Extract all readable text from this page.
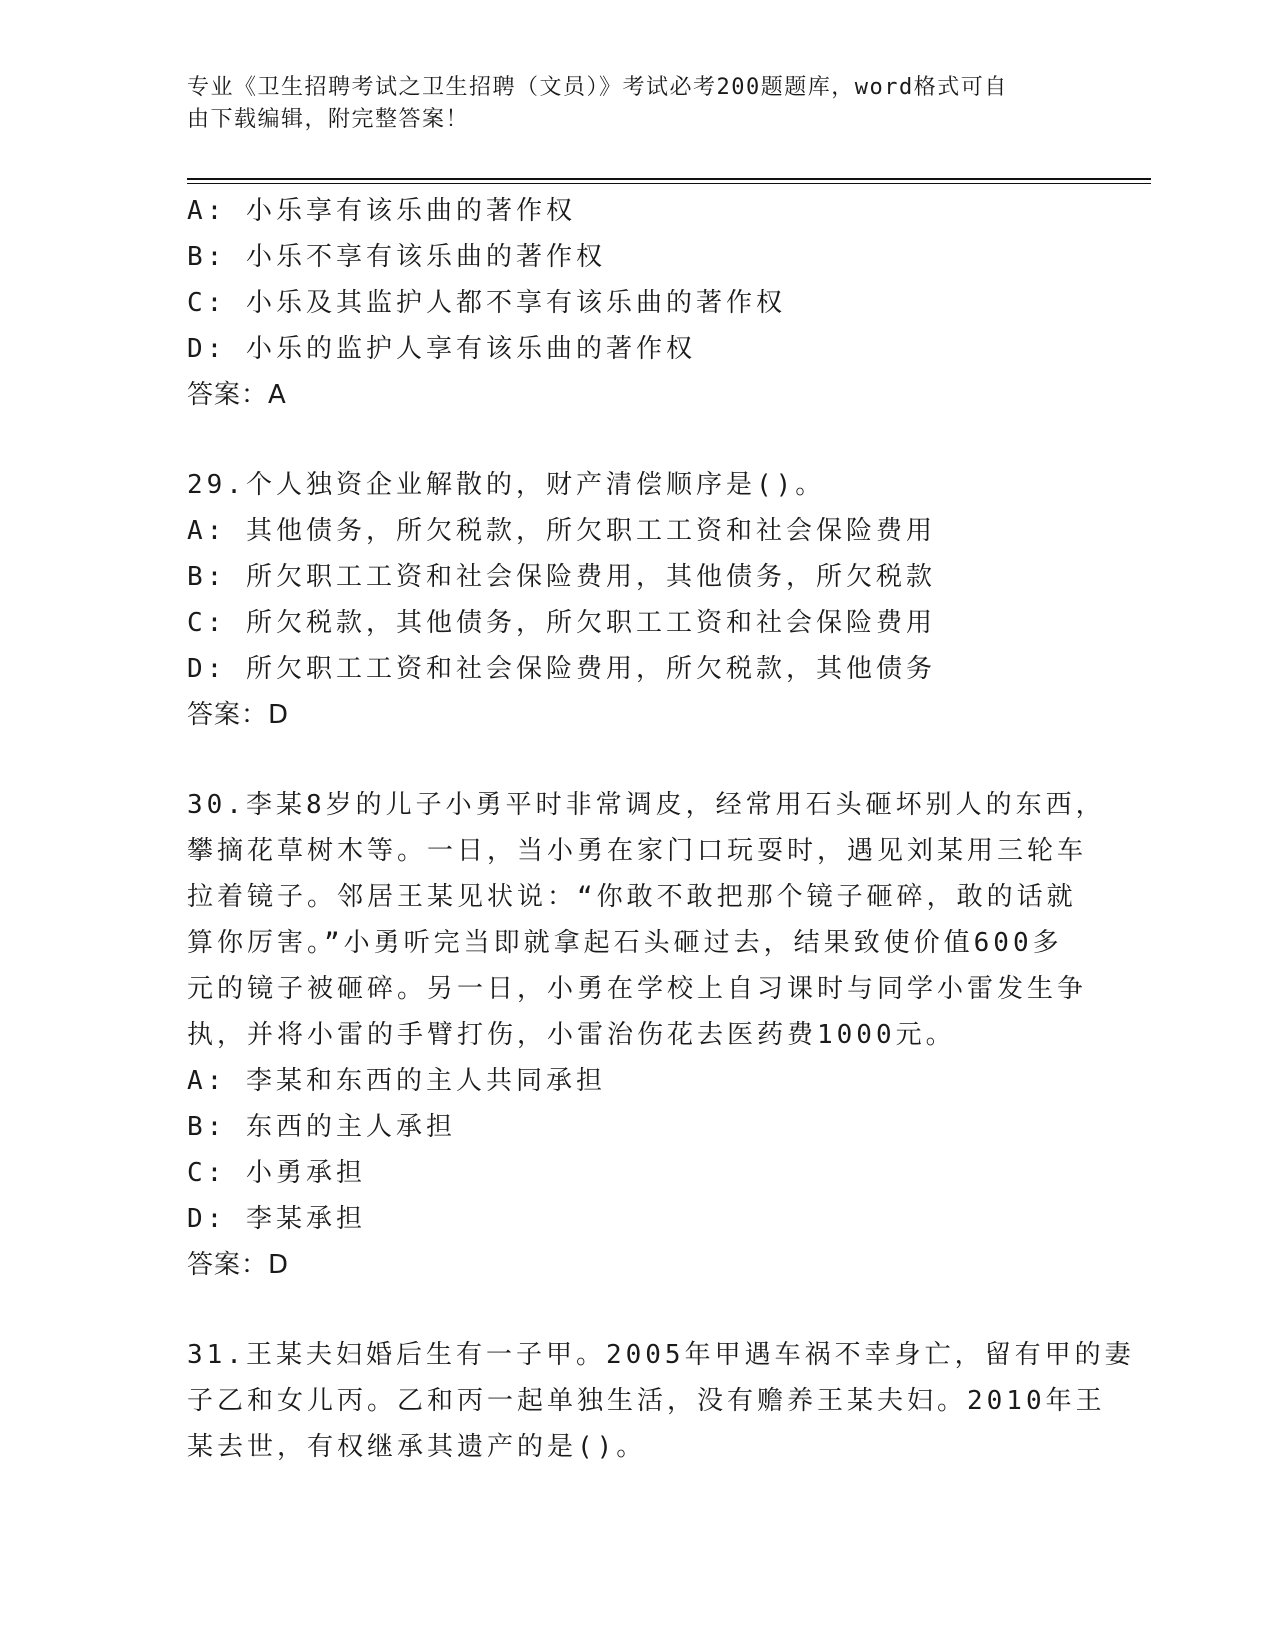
专业《卫生招聘考试之卫生招聘（文员）》考试必考200题题库，word格式可自
由下载编辑，附完整答案！
A: 小乐享有该乐曲的著作权
B: 小乐不享有该乐曲的著作权
C: 小乐及其监护人都不享有该乐曲的著作权
D: 小乐的监护人享有该乐曲的著作权
答案：A
29.个人独资企业解散的，财产清偿顺序是()。
A: 其他债务，所欠税款，所欠职工工资和社会保险费用
B: 所欠职工工资和社会保险费用，其他债务，所欠税款
C: 所欠税款，其他债务，所欠职工工资和社会保险费用
D: 所欠职工工资和社会保险费用，所欠税款，其他债务
答案：D
30.李某8岁的儿子小勇平时非常调皮，经常用石头砸坏别人的东西，
攀摘花草树木等。一日，当小勇在家门口玩耍时，遇见刘某用三轮车
拉着镜子。邻居王某见状说：“你敢不敢把那个镜子砸碎，敢的话就
算你厉害。”小勇听完当即就拿起石头砸过去，结果致使价值600多
元的镜子被砸碎。另一日，小勇在学校上自习课时与同学小雷发生争
执，并将小雷的手臂打伤，小雷治伤花去医药费1000元。
A: 李某和东西的主人共同承担
B: 东西的主人承担
C: 小勇承担
D: 李某承担
答案：D
31.王某夫妇婚后生有一子甲。2005年甲遇车祸不幸身亡，留有甲的妻
子乙和女儿丙。乙和丙一起单独生活，没有赡养王某夫妇。2010年王
某去世，有权继承其遗产的是()。
